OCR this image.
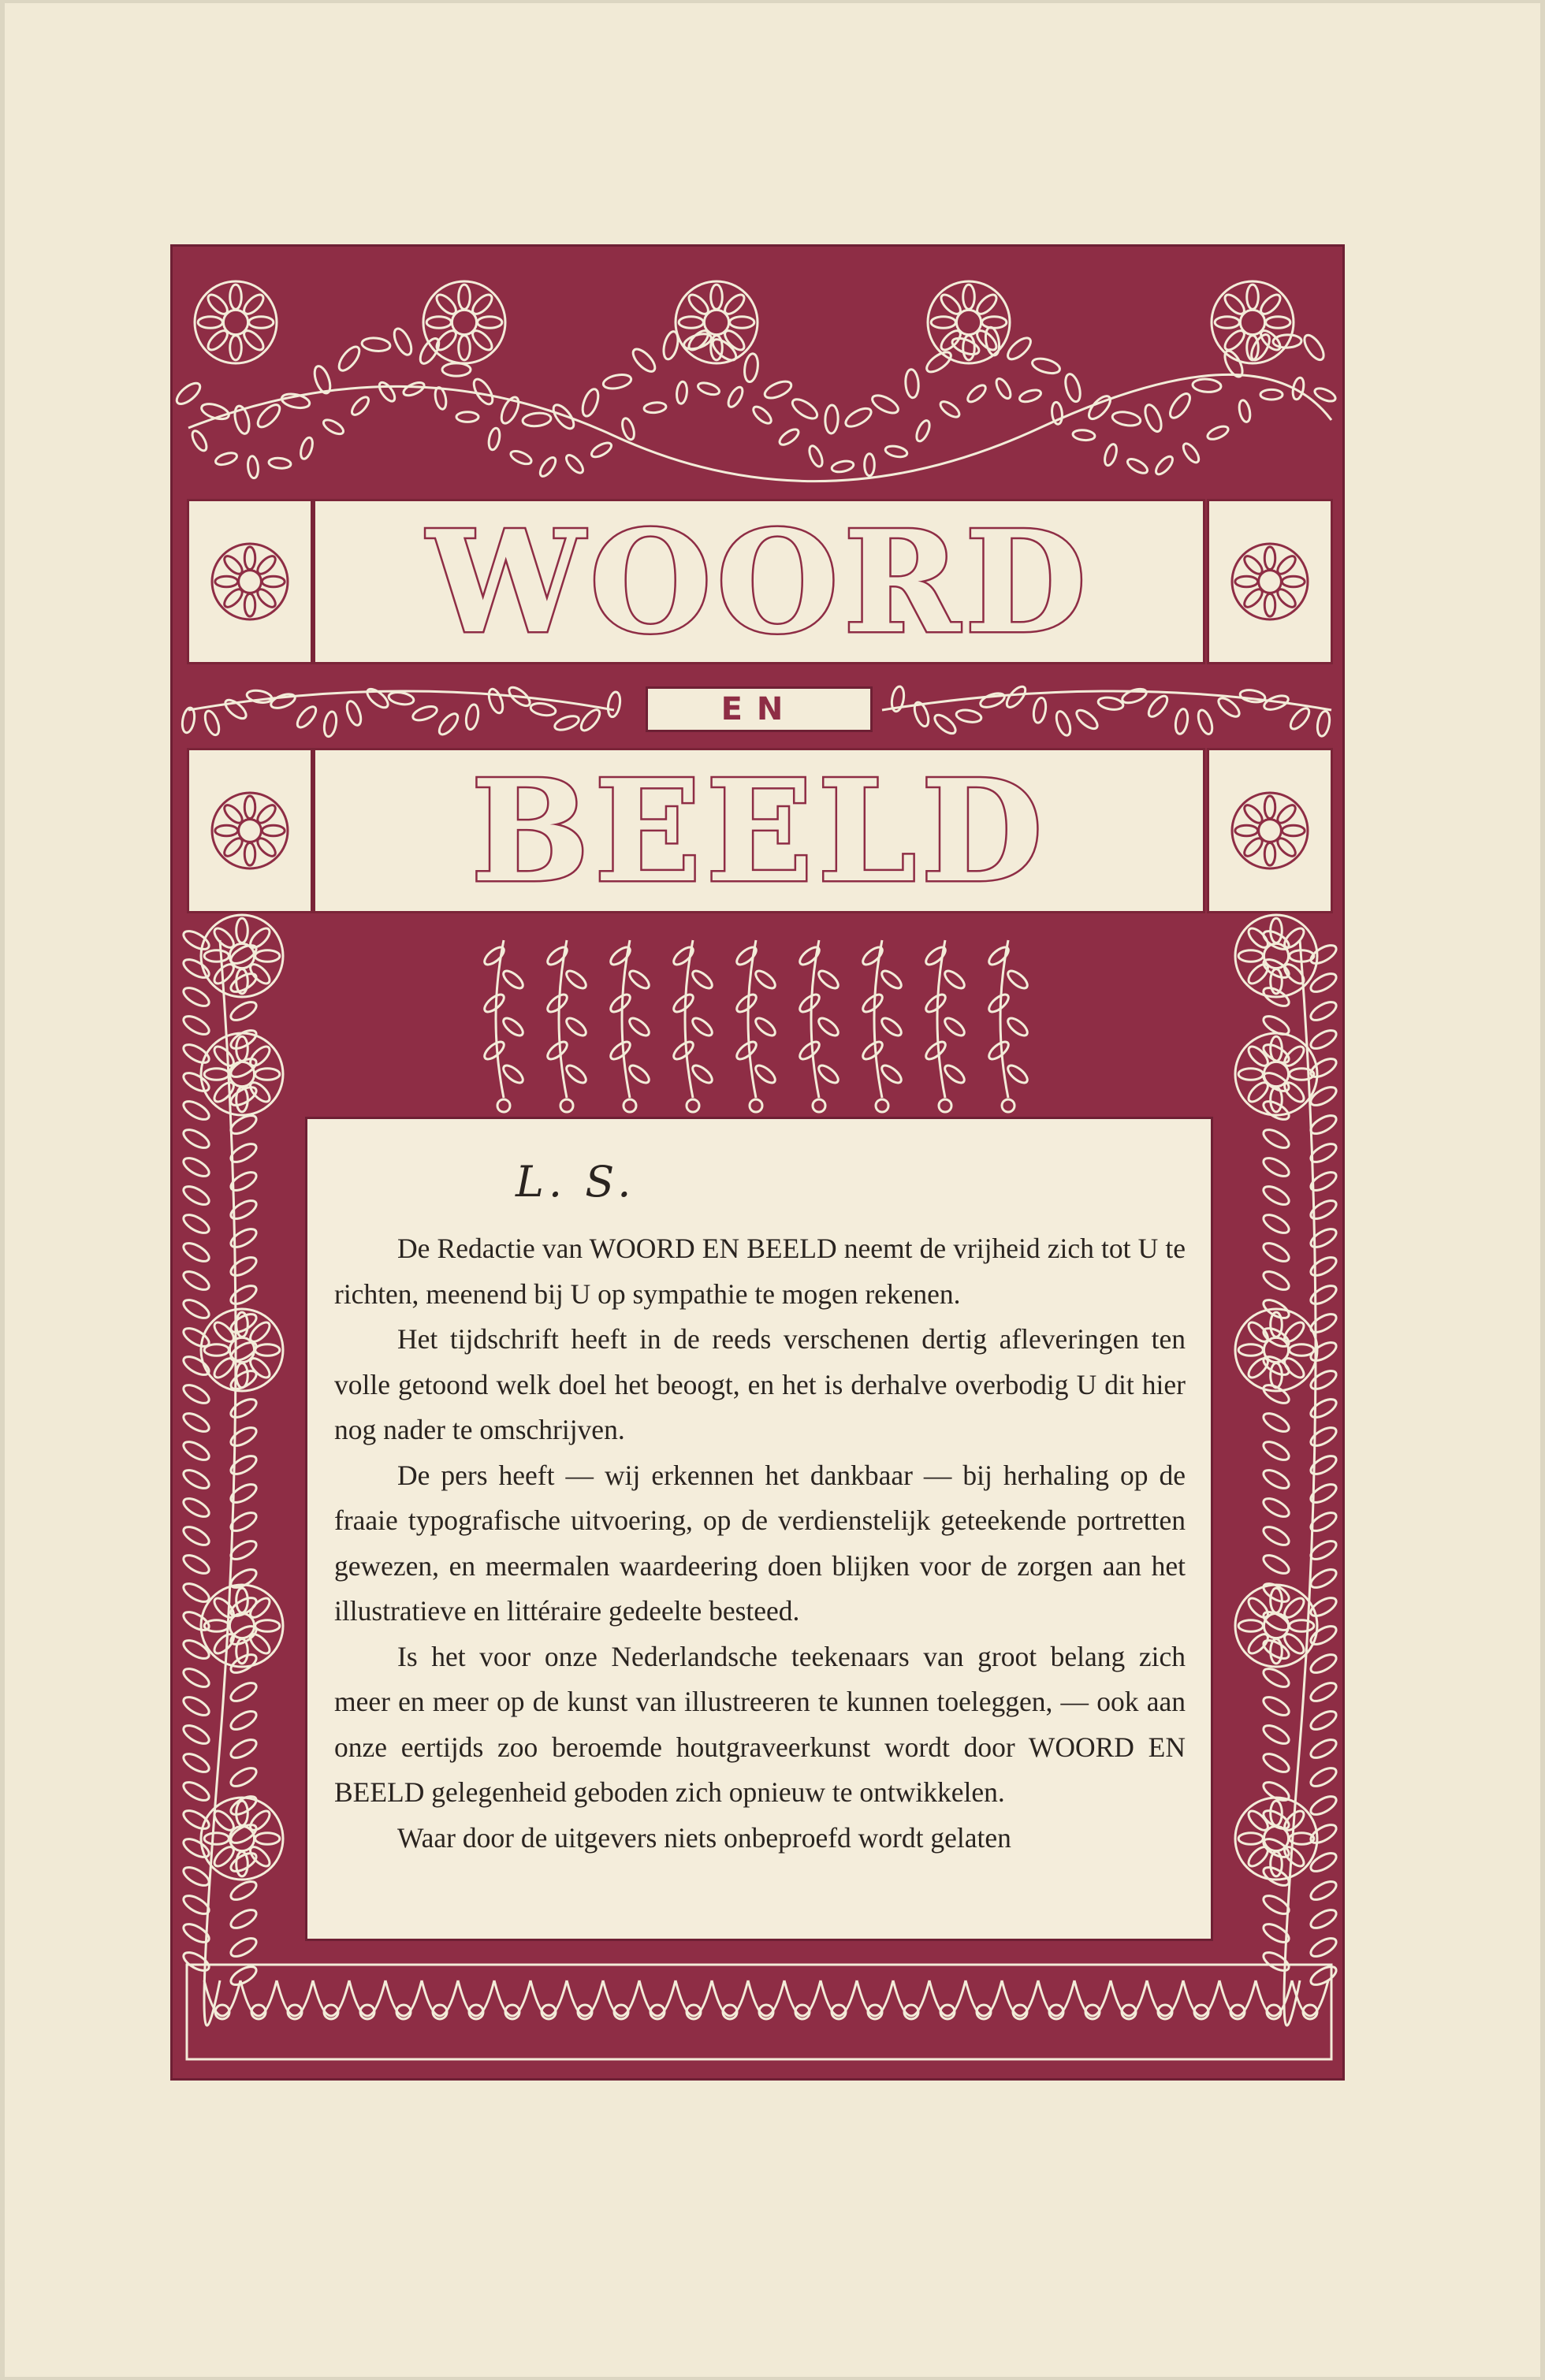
WOORD
EN
BEELD
L. S.

De Redactie van WOORD EN BEELD neemt de vrijheid zich tot U te richten, meenend bij U op sympathie te mogen rekenen.

Het tijdschrift heeft in de reeds verschenen dertig afleveringen ten volle getoond welk doel het beoogt, en het is derhalve overbodig U dit hier nog nader te omschrijven.

De pers heeft — wij erkennen het dankbaar — bij herhaling op de fraaie typografische uitvoering, op de verdienstelijk geteekende portretten gewezen, en meermalen waardeering doen blijken voor de zorgen aan het illustratieve en littéraire gedeelte besteed.

Is het voor onze Nederlandsche teekenaars van groot belang zich meer en meer op de kunst van illustreeren te kunnen toeleggen, — ook aan onze eertijds zoo beroemde houtgraveerkunst wordt door WOORD EN BEELD gelegenheid geboden zich opnieuw te ontwikkelen.

Waar door de uitgevers niets onbeproefd wordt gelaten
